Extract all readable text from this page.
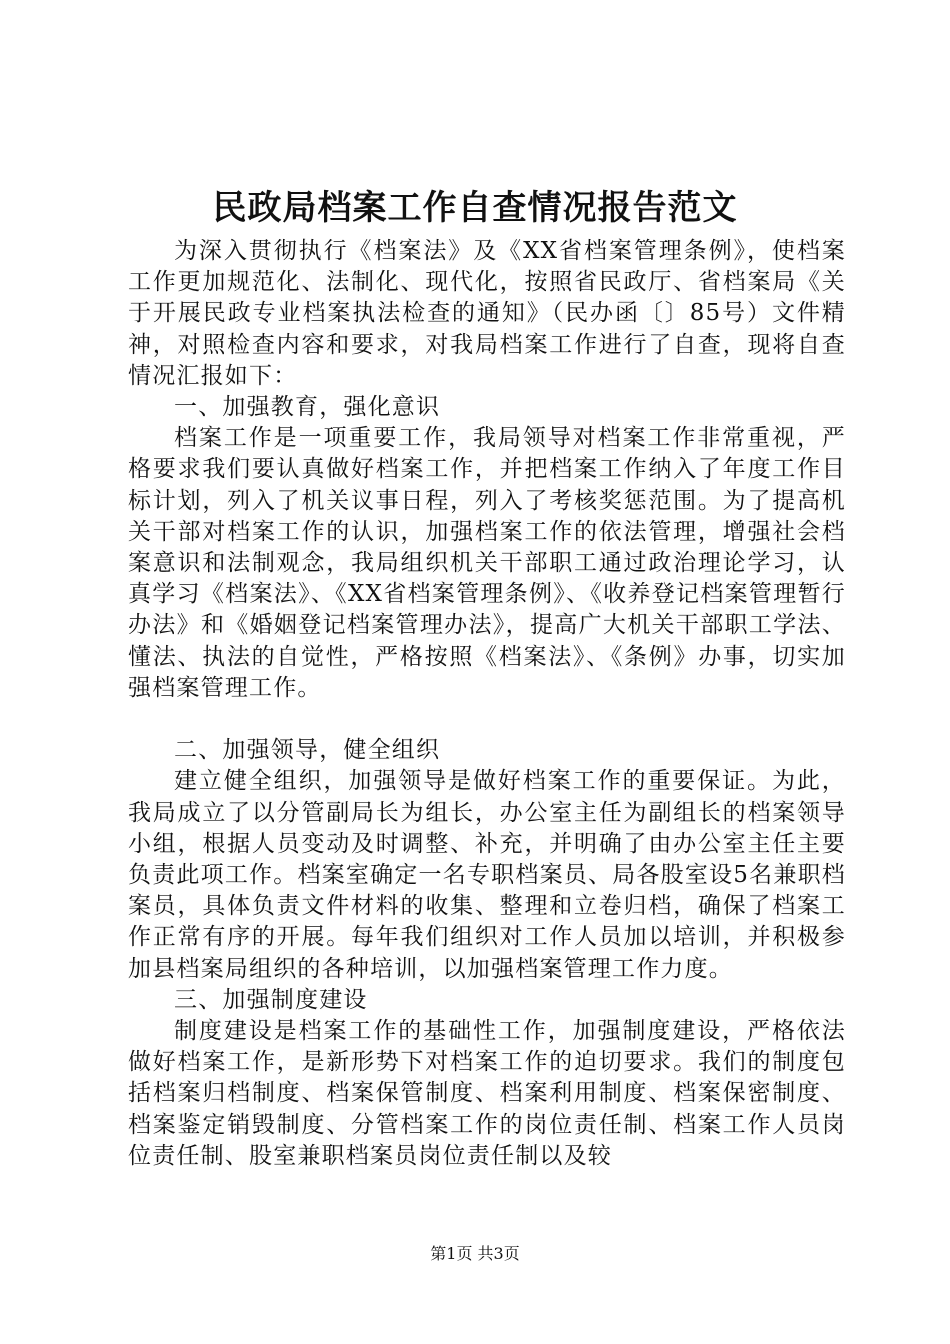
民政局档案工作自查情况报告范文

为深入贯彻执行《档案法》及《XX省档案管理条例》，使档案工作更加规范化、法制化、现代化，按照省民政厅、省档案局《关于开展民政专业档案执法检查的通知》（民办函〔〕85号）文件精神，对照检查内容和要求，对我局档案工作进行了自查，现将自查情况汇报如下：

一、加强教育，强化意识

档案工作是一项重要工作，我局领导对档案工作非常重视，严格要求我们要认真做好档案工作，并把档案工作纳入了年度工作目标计划，列入了机关议事日程，列入了考核奖惩范围。为了提高机关干部对档案工作的认识，加强档案工作的依法管理，增强社会档案意识和法制观念，我局组织机关干部职工通过政治理论学习，认真学习《档案法》、《XX省档案管理条例》、《收养登记档案管理暂行办法》和《婚姻登记档案管理办法》，提高广大机关干部职工学法、懂法、执法的自觉性，严格按照《档案法》、《条例》办事，切实加强档案管理工作。

二、加强领导，健全组织

建立健全组织，加强领导是做好档案工作的重要保证。为此，我局成立了以分管副局长为组长，办公室主任为副组长的档案领导小组，根据人员变动及时调整、补充，并明确了由办公室主任主要负责此项工作。档案室确定一名专职档案员、局各股室设5名兼职档案员，具体负责文件材料的收集、整理和立卷归档，确保了档案工作正常有序的开展。每年我们组织对工作人员加以培训，并积极参加县档案局组织的各种培训，以加强档案管理工作力度。

三、加强制度建设

制度建设是档案工作的基础性工作，加强制度建设，严格依法做好档案工作，是新形势下对档案工作的迫切要求。我们的制度包括档案归档制度、档案保管制度、档案利用制度、档案保密制度、档案鉴定销毁制度、分管档案工作的岗位责任制、档案工作人员岗位责任制、股室兼职档案员岗位责任制以及较

第1页 共3页
